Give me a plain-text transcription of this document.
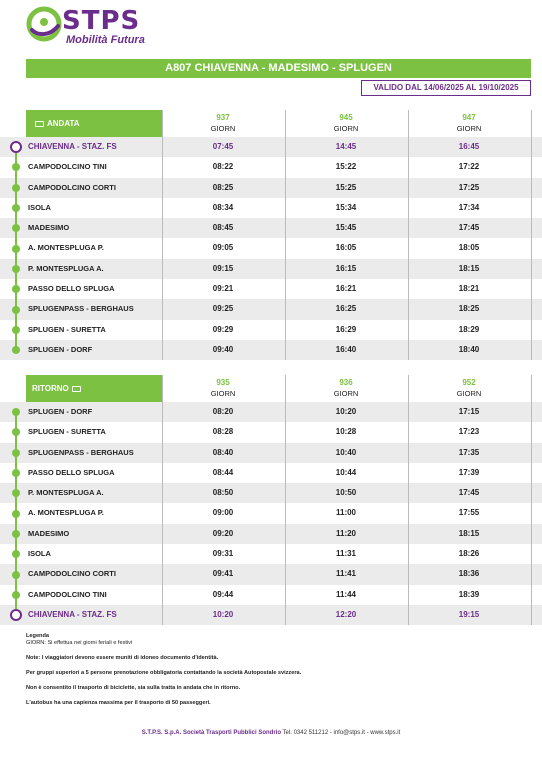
STPS
Mobilità Futura
A807 CHIAVENNA - MADESIMO - SPLUGEN
VALIDO DAL 14/06/2025 AL 19/10/2025
ANDATA
937
GIORN
945
GIORN
947
GIORN
CHIAVENNA - STAZ. FS	07:45	14:45	16:45
CAMPODOLCINO TINI	08:22	15:22	17:22
CAMPODOLCINO CORTI	08:25	15:25	17:25
ISOLA	08:34	15:34	17:34
MADESIMO	08:45	15:45	17:45
A. MONTESPLUGA P.	09:05	16:05	18:05
P. MONTESPLUGA A.	09:15	16:15	18:15
PASSO DELLO SPLUGA	09:21	16:21	18:21
SPLUGENPASS - BERGHAUS	09:25	16:25	18:25
SPLUGEN - SURETTA	09:29	16:29	18:29
SPLUGEN - DORF	09:40	16:40	18:40
RITORNO
935
GIORN
936
GIORN
952
GIORN
SPLUGEN - DORF	08:20	10:20	17:15
SPLUGEN - SURETTA	08:28	10:28	17:23
SPLUGENPASS - BERGHAUS	08:40	10:40	17:35
PASSO DELLO SPLUGA	08:44	10:44	17:39
P. MONTESPLUGA A.	08:50	10:50	17:45
A. MONTESPLUGA P.	09:00	11:00	17:55
MADESIMO	09:20	11:20	18:15
ISOLA	09:31	11:31	18:26
CAMPODOLCINO CORTI	09:41	11:41	18:36
CAMPODOLCINO TINI	09:44	11:44	18:39
CHIAVENNA - STAZ. FS	10:20	12:20	19:15
Legenda
GIORN: Si effettua nei giorni feriali e festivi
Note: I viaggiatori devono essere muniti di idoneo documento d'identità.
Per gruppi superiori a 5 persone prenotazione obbligatoria contattando la società Autopostale svizzera.
Non è consentito il trasporto di biciclette, sia sulla tratta in andata che in ritorno.
L'autobus ha una capienza massima per il trasporto di 50 passeggeri.
S.T.P.S. S.p.A. Società Trasporti Pubblici Sondrio Tel. 0342 511212 - info@stps.it - www.stps.it
